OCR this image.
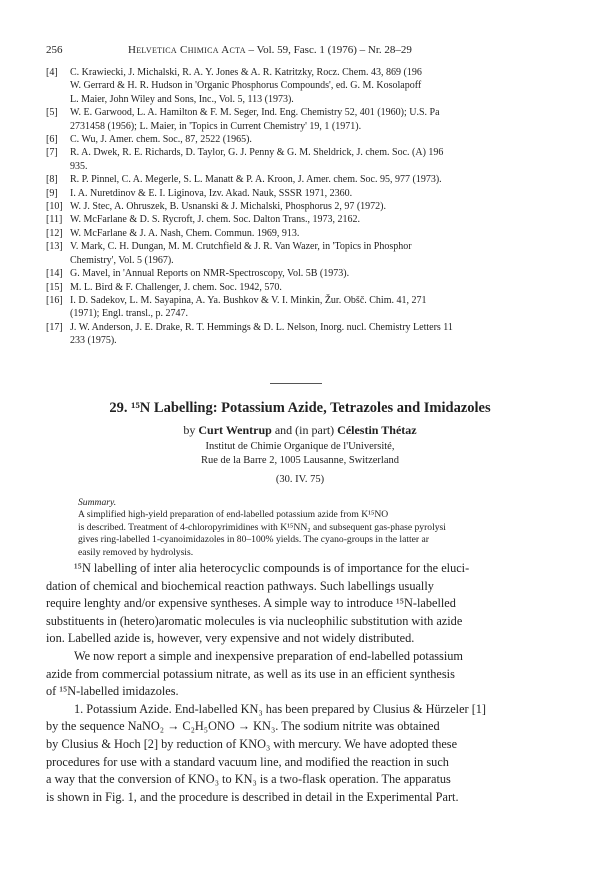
256	Helvetica Chimica Acta – Vol. 59, Fasc. 1 (1976) – Nr. 28–29
[4] C. Krawiecki, J. Michalski, R. A. Y. Jones & A. R. Katritzky, Rocz. Chem. 43, 869 (196
W. Gerrard & H. R. Hudson in 'Organic Phosphorus Compounds', ed. G. M. Kosolapoff
L. Maier, John Wiley and Sons, Inc., Vol. 5, 113 (1973).
[5] W. E. Garwood, L. A. Hamilton & F. M. Seger, Ind. Eng. Chemistry 52, 401 (1960); U.S. Pa
2731458 (1956); L. Maier, in 'Topics in Current Chemistry' 19, 1 (1971).
[6] C. Wu, J. Amer. chem. Soc., 87, 2522 (1965).
[7] R. A. Dwek, R. E. Richards, D. Taylor, G. J. Penny & G. M. Sheldrick, J. chem. Soc. (A) 196
935.
[8] R. P. Pinnel, C. A. Megerle, S. L. Manatt & P. A. Kroon, J. Amer. chem. Soc. 95, 977 (1973).
[9] I. A. Nuretdinov & E. I. Liginova, Izv. Akad. Nauk, SSSR 1971, 2360.
[10] W. J. Stec, A. Ohruszek, B. Usnanski & J. Michalski, Phosphorus 2, 97 (1972).
[11] W. McFarlane & D. S. Rycroft, J. chem. Soc. Dalton Trans., 1973, 2162.
[12] W. McFarlane & J. A. Nash, Chem. Commun. 1969, 913.
[13] V. Mark, C. H. Dungan, M. M. Crutchfield & J. R. Van Wazer, in 'Topics in Phosphor
Chemistry', Vol. 5 (1967).
[14] G. Mavel, in 'Annual Reports on NMR-Spectroscopy, Vol. 5B (1973).
[15] M. L. Bird & F. Challenger, J. chem. Soc. 1942, 570.
[16] I. D. Sadekov, L. M. Sayapina, A. Ya. Bushkov & V. I. Minkin, Žur. Obšč. Chim. 41, 271
(1971); Engl. transl., p. 2747.
[17] J. W. Anderson, J. E. Drake, R. T. Hemmings & D. L. Nelson, Inorg. nucl. Chemistry Letters 11
233 (1975).
29. ¹⁵N Labelling: Potassium Azide, Tetrazoles and Imidazoles
by Curt Wentrup and (in part) Célestin Thétaz
Institut de Chimie Organique de l'Université,
Rue de la Barre 2, 1005 Lausanne, Switzerland
(30. IV. 75)
Summary.
A simplified high-yield preparation of end-labelled potassium azide from K¹⁵NO
is described. Treatment of 4-chloropyrimidines with K¹⁵NN₂ and subsequent gas-phase pyrolysi
gives ring-labelled 1-cyanoimidazoles in 80–100% yields. The cyano-groups in the latter ar
easily removed by hydrolysis.
¹⁵N labelling of inter alia heterocyclic compounds is of importance for the eluci-
dation of chemical and biochemical reaction pathways. Such labellings usually
require lenghty and/or expensive syntheses. A simple way to introduce ¹⁵N-labelled
substituents in (hetero)aromatic molecules is via nucleophilic substitution with azide
ion. Labelled azide is, however, very expensive and not widely distributed.
We now report a simple and inexpensive preparation of end-labelled potassium
azide from commercial potassium nitrate, as well as its use in an efficient synthesis
of ¹⁵N-labelled imidazoles.
1. Potassium Azide. End-labelled KN₃ has been prepared by Clusius & Hürzeler [1]
by the sequence NaNO₂ → C₂H₅ONO → KN₃. The sodium nitrite was obtained
by Clusius & Hoch [2] by reduction of KNO₃ with mercury. We have adopted these
procedures for use with a standard vacuum line, and modified the reaction in such
a way that the conversion of KNO₃ to KN₃ is a two-flask operation. The apparatus
is shown in Fig. 1, and the procedure is described in detail in the Experimental Part.
